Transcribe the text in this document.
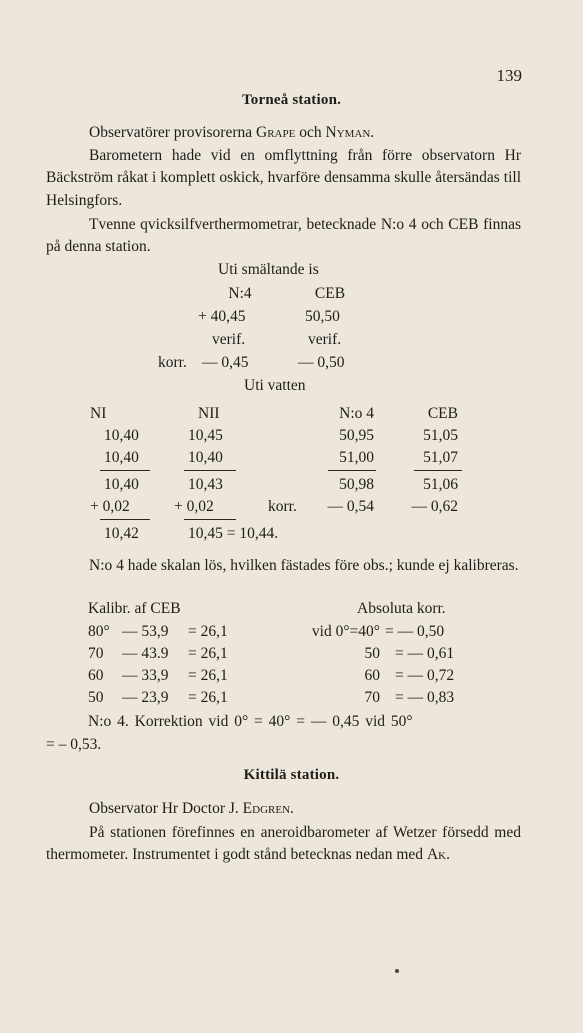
139
Torneå station.
Observatörer provisorerna Grape och Nyman.
Barometern hade vid en omflyttning från förre observatorn Hr Bäckström råkat i komplett oskick, hvarföre densamma skulle återsändas till Helsingfors.
Tvenne qvicksilfverthermometrar, betecknade N:o 4 och CEB finnas på denna station.
Uti smältande is
N:4	CEB
+ 40,45	50,50
verif.	verif.
korr. — 0,45	— 0,50
Uti vatten
NI	NII	N:o 4	CEB
10,40	10,45	50,95	51,05
10,40	10,40	51,00	51,07
10,40	10,43	50,98	51,06
+ 0,02	+ 0,02	korr.	— 0,54	— 0,62
10,42	10,45 = 10,44.
N:o 4 hade skalan lös, hvilken fästades före obs.; kunde ej kalibreras.
Kalibr. af CEB	Absoluta korr.
80° — 53,9 = 26,1	vid 0°=40° = — 0,50
70 — 43.9 = 26,1	50 = — 0,61
60 — 33,9 = 26,1	60 = — 0,72
50 — 23,9 = 26,1	70 = — 0,83
N:o 4. Korrektion vid 0° = 40° = — 0,45 vid 50°
= – 0,53.
Kittilä station.
Observator Hr Doctor J. Edgren.
På stationen förefinnes en aneroidbarometer af Wetzer försedd med thermometer. Instrumentet i godt stånd betecknas nedan med Ak.
